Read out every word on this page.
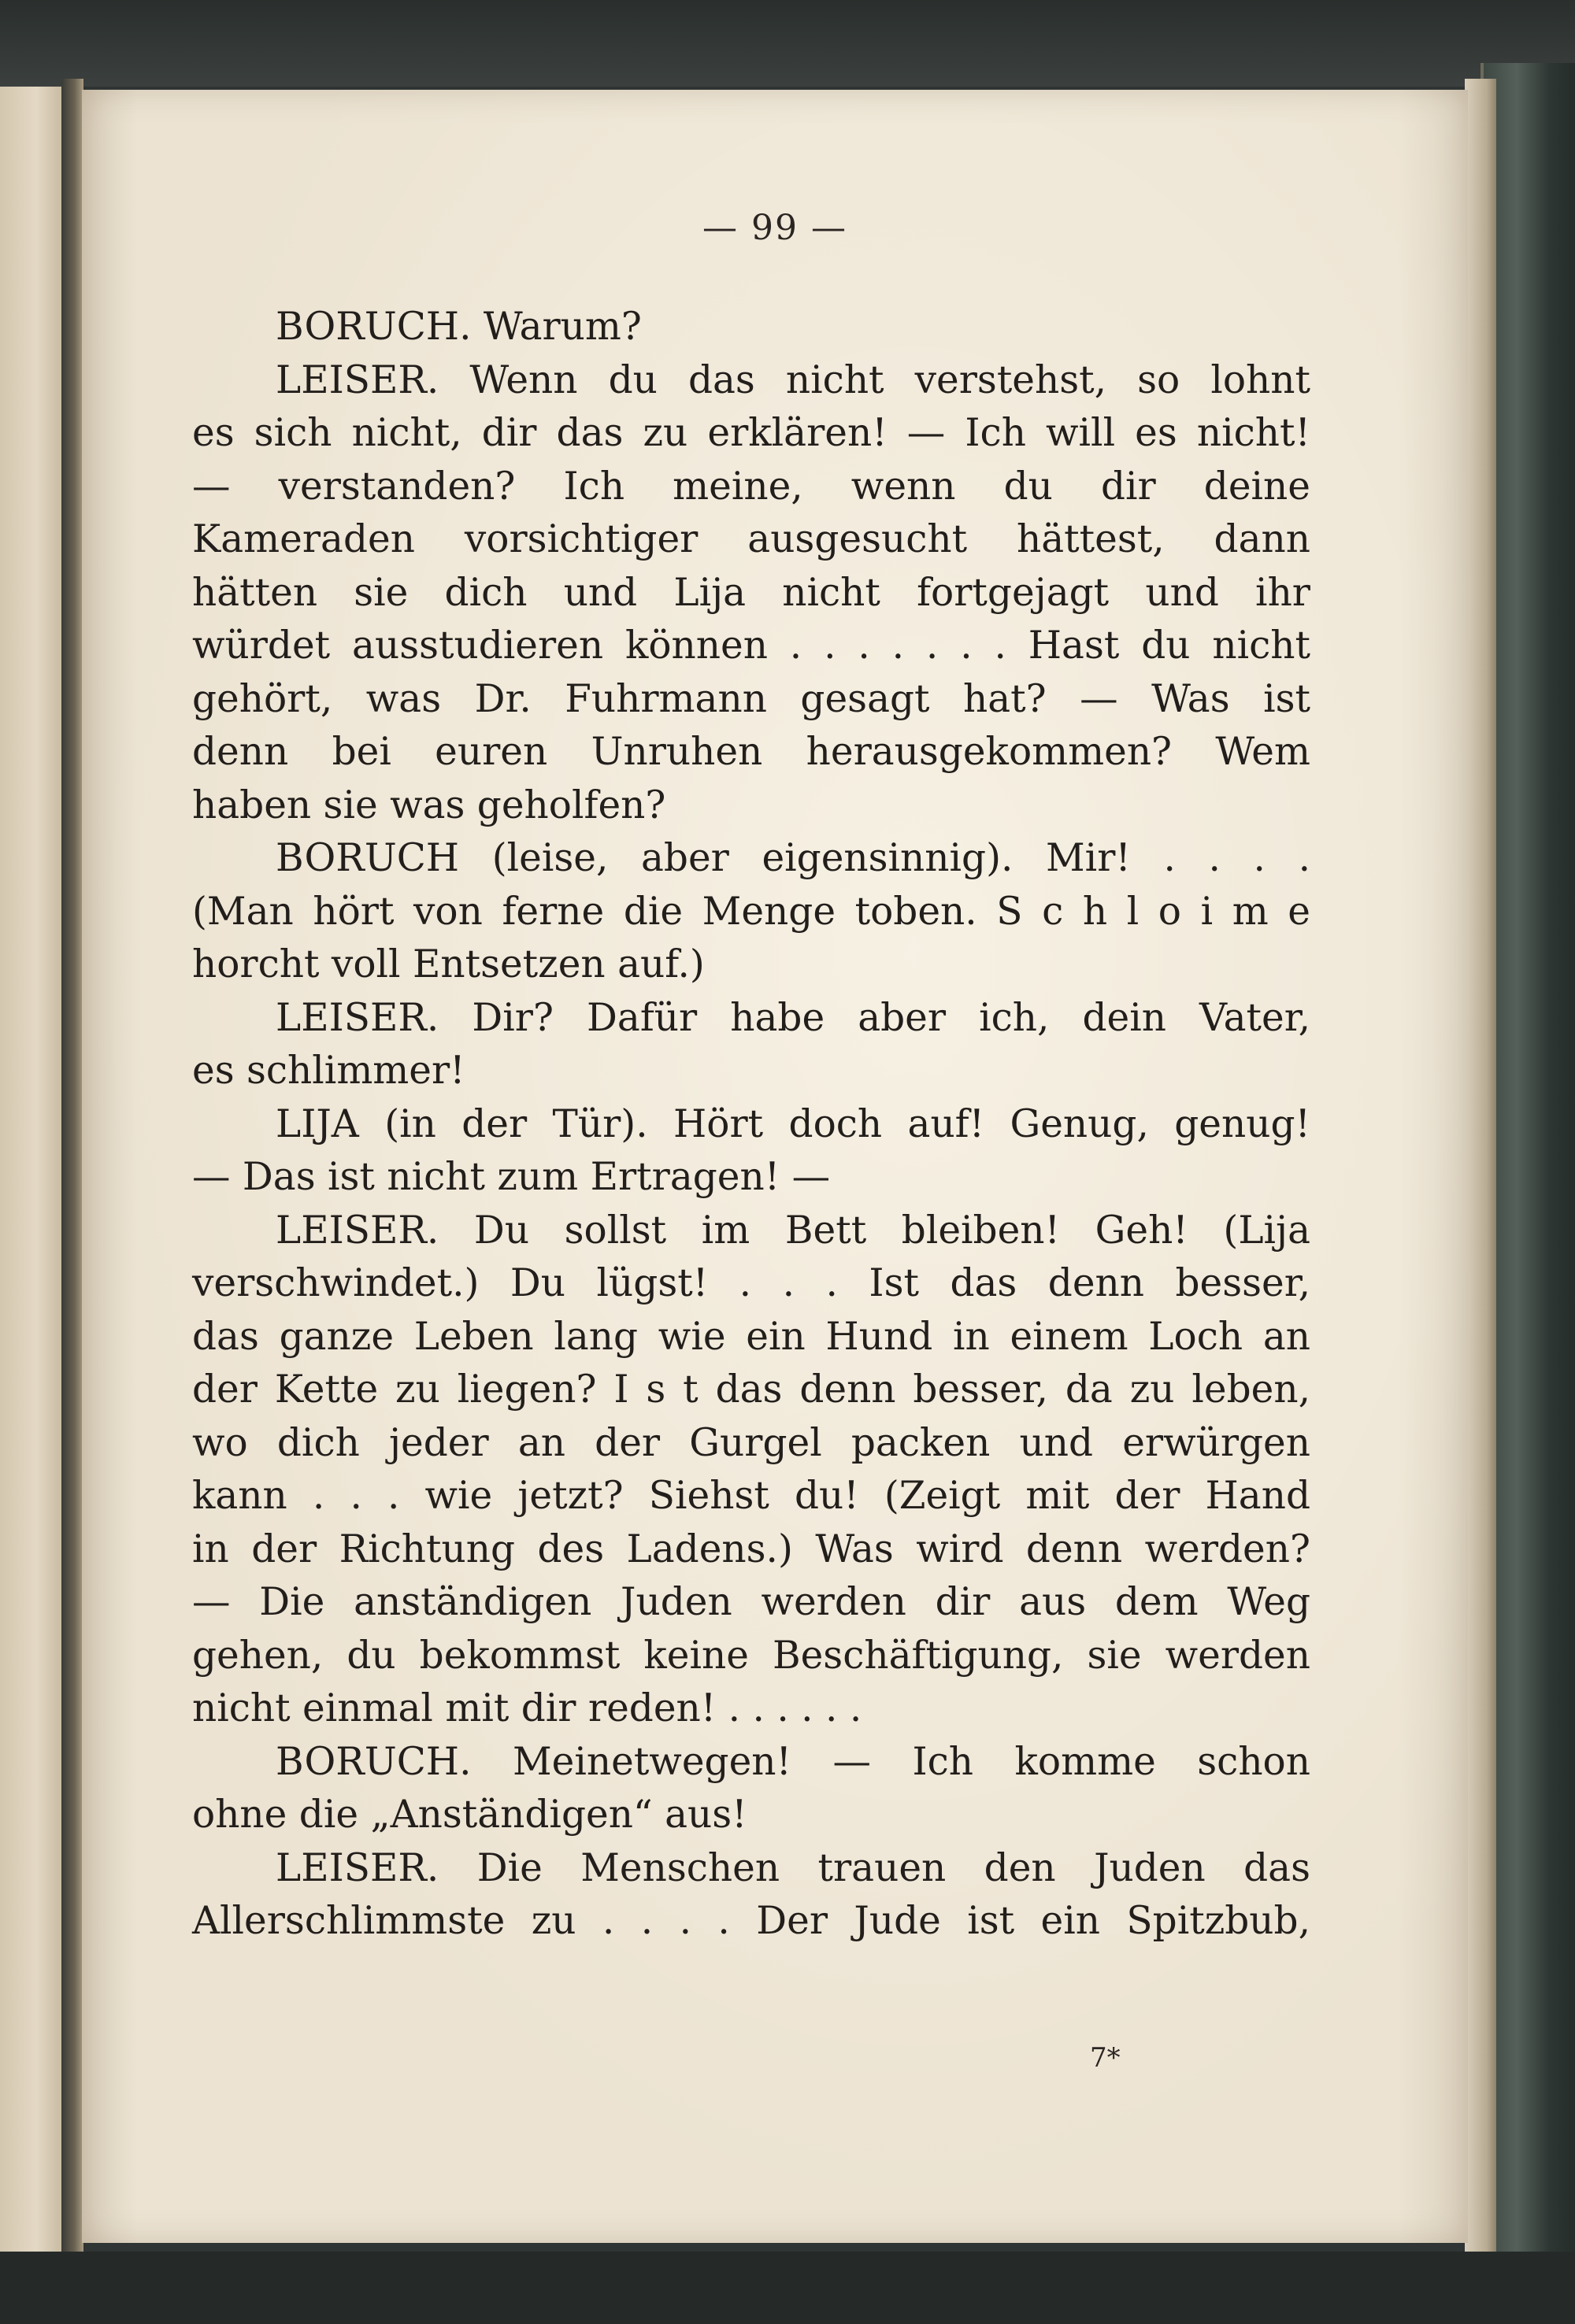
— 99 —
BORUCH. Warum?
LEISER. Wenn du das nicht verstehst, so lohnt
es sich nicht, dir das zu erklären! — Ich will es nicht!
— verstanden? Ich meine, wenn du dir deine
Kameraden vorsichtiger ausgesucht hättest, dann
hätten sie dich und Lija nicht fortgejagt und ihr
würdet ausstudieren können . . . . . . . Hast du nicht
gehört, was Dr. Fuhrmann gesagt hat? — Was ist
denn bei euren Unruhen herausgekommen? Wem
haben sie was geholfen?
BORUCH (leise, aber eigensinnig). Mir! . . . .
(Man hört von ferne die Menge toben. S c h l o i m e
horcht voll Entsetzen auf.)
LEISER. Dir? Dafür habe aber ich, dein Vater,
es schlimmer!
LIJA (in der Tür). Hört doch auf! Genug, genug!
— Das ist nicht zum Ertragen! —
LEISER. Du sollst im Bett bleiben! Geh! (Lija
verschwindet.) Du lügst! . . . Ist das denn besser,
das ganze Leben lang wie ein Hund in einem Loch an
der Kette zu liegen? I s t das denn besser, da zu leben,
wo dich jeder an der Gurgel packen und erwürgen
kann . . . wie jetzt? Siehst du! (Zeigt mit der Hand
in der Richtung des Ladens.) Was wird denn werden?
— Die anständigen Juden werden dir aus dem Weg
gehen, du bekommst keine Beschäftigung, sie werden
nicht einmal mit dir reden! . . . . . .
BORUCH. Meinetwegen! — Ich komme schon
ohne die „Anständigen“ aus!
LEISER. Die Menschen trauen den Juden das
Allerschlimmste zu . . . . Der Jude ist ein Spitzbub,
7*
